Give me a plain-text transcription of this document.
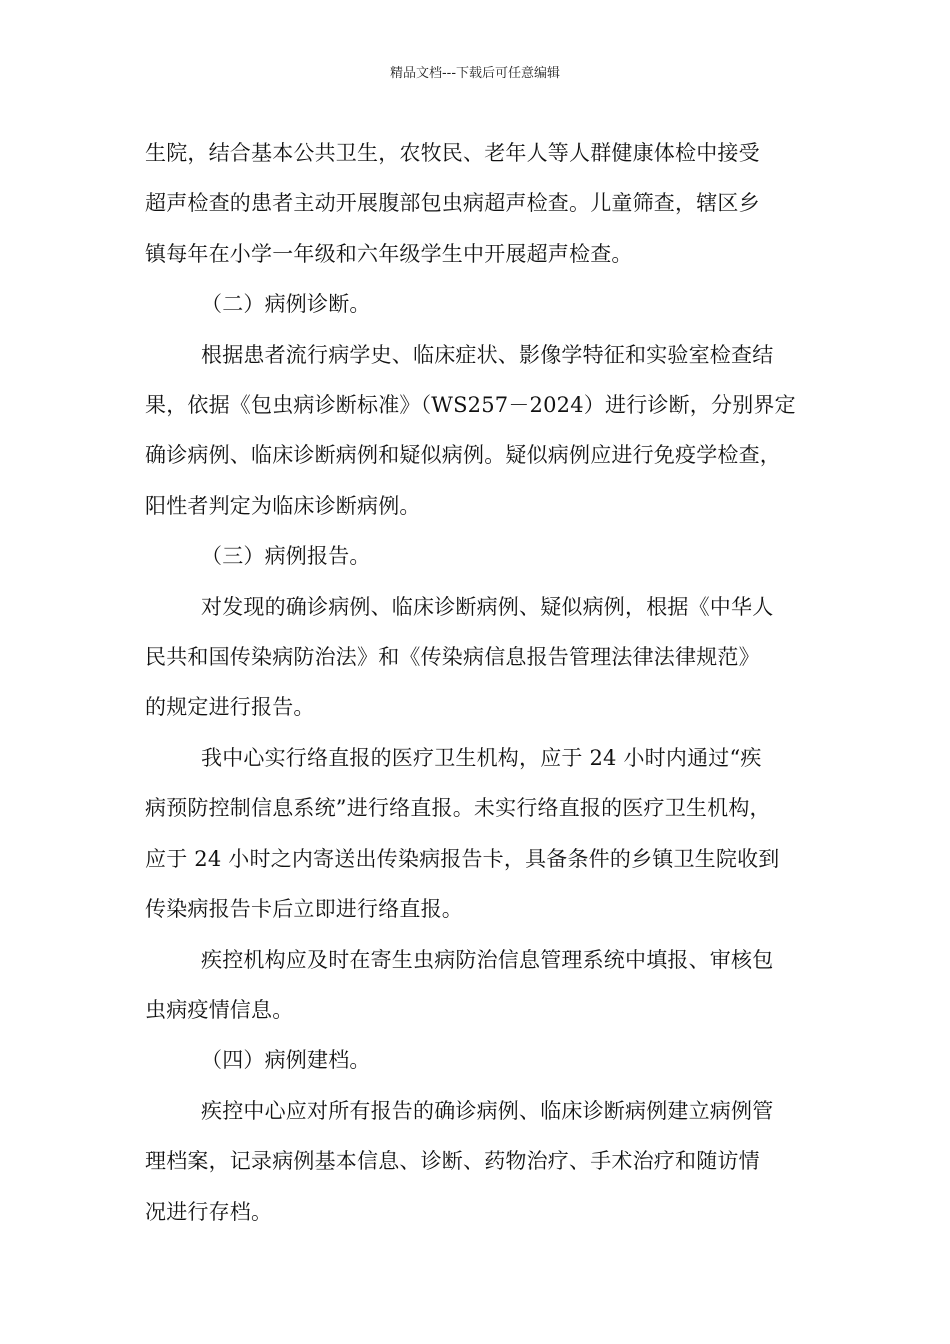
精品文档---下载后可任意编辑

生院，结合基本公共卫生，农牧民、老年人等人群健康体检中接受

超声检查的患者主动开展腹部包虫病超声检查。儿童筛查，辖区乡

镇每年在小学一年级和六年级学生中开展超声检查。

（二）病例诊断。

根据患者流行病学史、临床症状、影像学特征和实验室检查结

果，依据《包虫病诊断标准》（WS257－2024）进行诊断，分别界定

确诊病例、临床诊断病例和疑似病例。疑似病例应进行免疫学检查，

阳性者判定为临床诊断病例。

（三）病例报告。

对发现的确诊病例、临床诊断病例、疑似病例，根据《中华人

民共和国传染病防治法》和《传染病信息报告管理法律法律规范》

的规定进行报告。

我中心实行络直报的医疗卫生机构，应于 24 小时内通过“疾

病预防控制信息系统”进行络直报。未实行络直报的医疗卫生机构，

应于 24 小时之内寄送出传染病报告卡，具备条件的乡镇卫生院收到

传染病报告卡后立即进行络直报。

疾控机构应及时在寄生虫病防治信息管理系统中填报、审核包

虫病疫情信息。

（四）病例建档。

疾控中心应对所有报告的确诊病例、临床诊断病例建立病例管

理档案，记录病例基本信息、诊断、药物治疗、手术治疗和随访情

况进行存档。
